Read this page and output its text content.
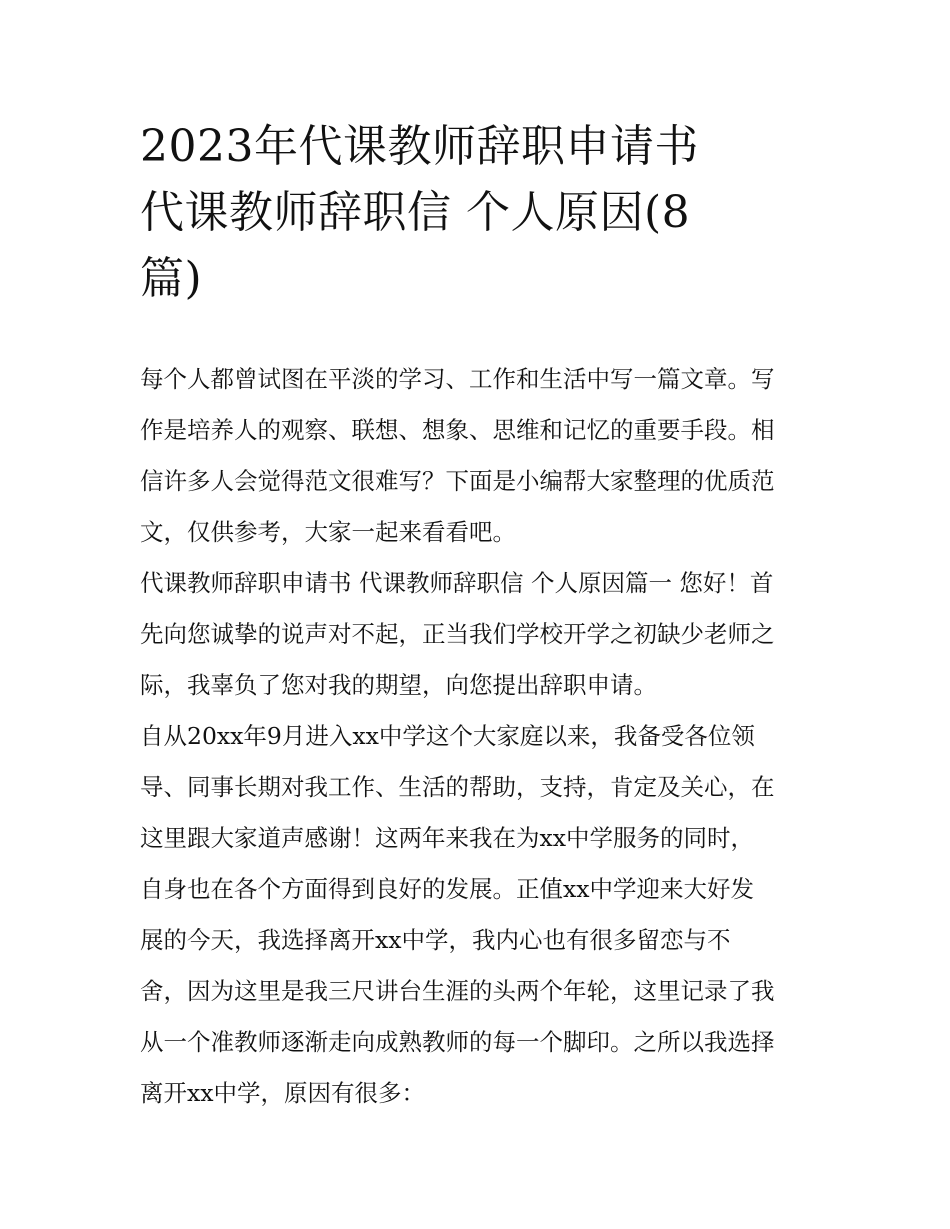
2023年代课教师辞职申请书
代课教师辞职信 个人原因(8
篇)
每个人都曾试图在平淡的学习、工作和生活中写一篇文章。写
作是培养人的观察、联想、想象、思维和记忆的重要手段。相
信许多人会觉得范文很难写？下面是小编帮大家整理的优质范
文，仅供参考，大家一起来看看吧。
代课教师辞职申请书 代课教师辞职信 个人原因篇一 您好！首
先向您诚挚的说声对不起，正当我们学校开学之初缺少老师之
际，我辜负了您对我的期望，向您提出辞职申请。
自从20xx年9月进入xx中学这个大家庭以来，我备受各位领
导、同事长期对我工作、生活的帮助，支持，肯定及关心，在
这里跟大家道声感谢！这两年来我在为xx中学服务的同时，
自身也在各个方面得到良好的发展。正值xx中学迎来大好发
展的今天，我选择离开xx中学，我内心也有很多留恋与不
舍，因为这里是我三尺讲台生涯的头两个年轮，这里记录了我
从一个准教师逐渐走向成熟教师的每一个脚印。之所以我选择
离开xx中学，原因有很多：
